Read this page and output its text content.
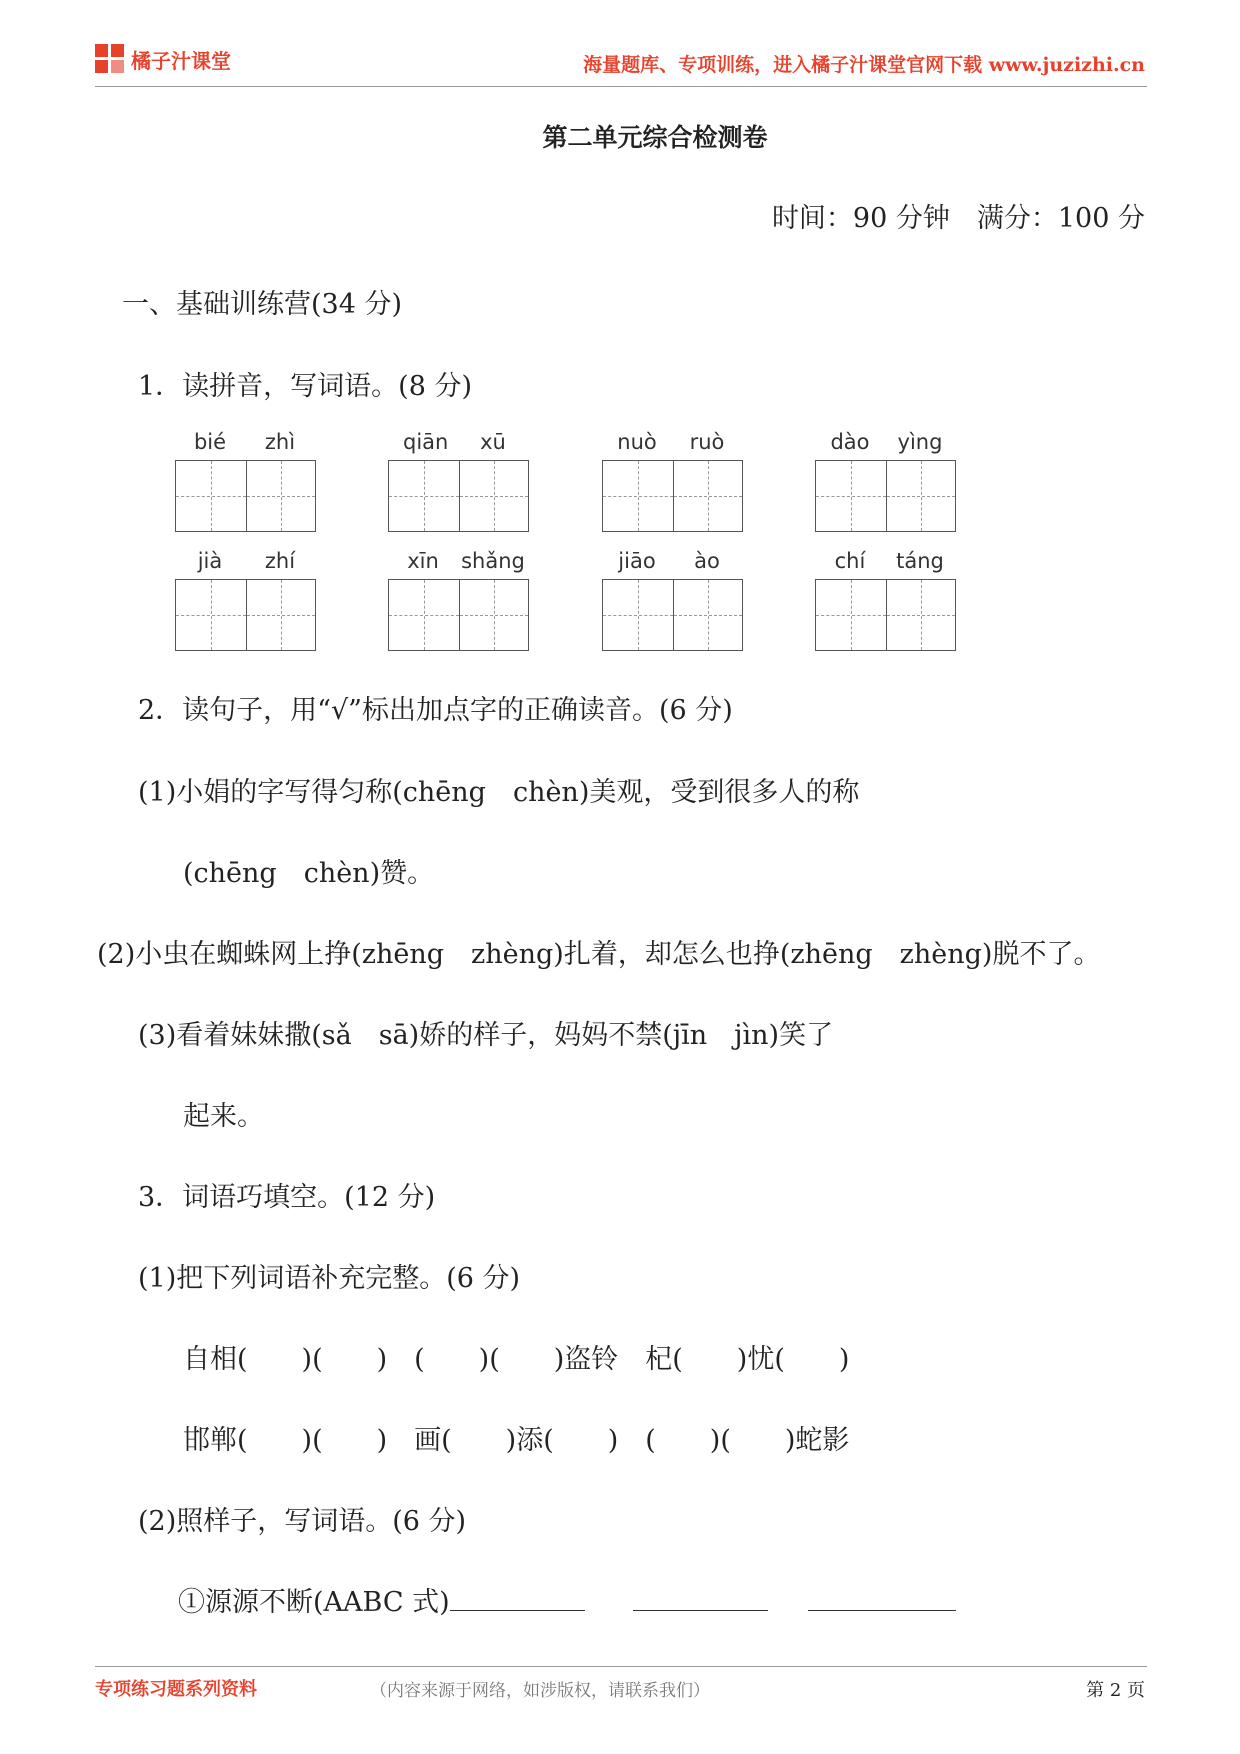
橘子汁课堂	海量题库、专项训练，进入橘子汁课堂官网下载 www.juzizhi.cn
第二单元综合检测卷
时间：90 分钟　满分：100 分
一、基础训练营(34 分)
1．读拼音，写词语。(8 分)
bié	zhì	qiān	xū	nuò	ruò	dào	yìng
jià	zhí	xīn shǎng	jiāo	ào	chí	táng
2．读句子，用“√”标出加点字的正确读音。(6 分)
(1)小娟的字写得匀称(chēng　chèn)美观，受到很多人的称
(chēng　chèn)赞。
(2)小虫在蜘蛛网上挣(zhēng　zhèng)扎着，却怎么也挣(zhēng　zhèng)脱不了。
(3)看着妹妹撒(sǎ　sā)娇的样子，妈妈不禁(jīn　jìn)笑了
起来。
3．词语巧填空。(12 分)
(1)把下列词语补充完整。(6 分)
自相(　　)(　　)　(　　)(　　)盗铃　杞(　　)忧(　　)
邯郸(　　)(　　)　画(　　)添(　　)　(　　)(　　)蛇影
(2)照样子，写词语。(6 分)
①源源不断(AABC 式)
专项练习题系列资料	（内容来源于网络，如涉版权，请联系我们）	第 2 页
